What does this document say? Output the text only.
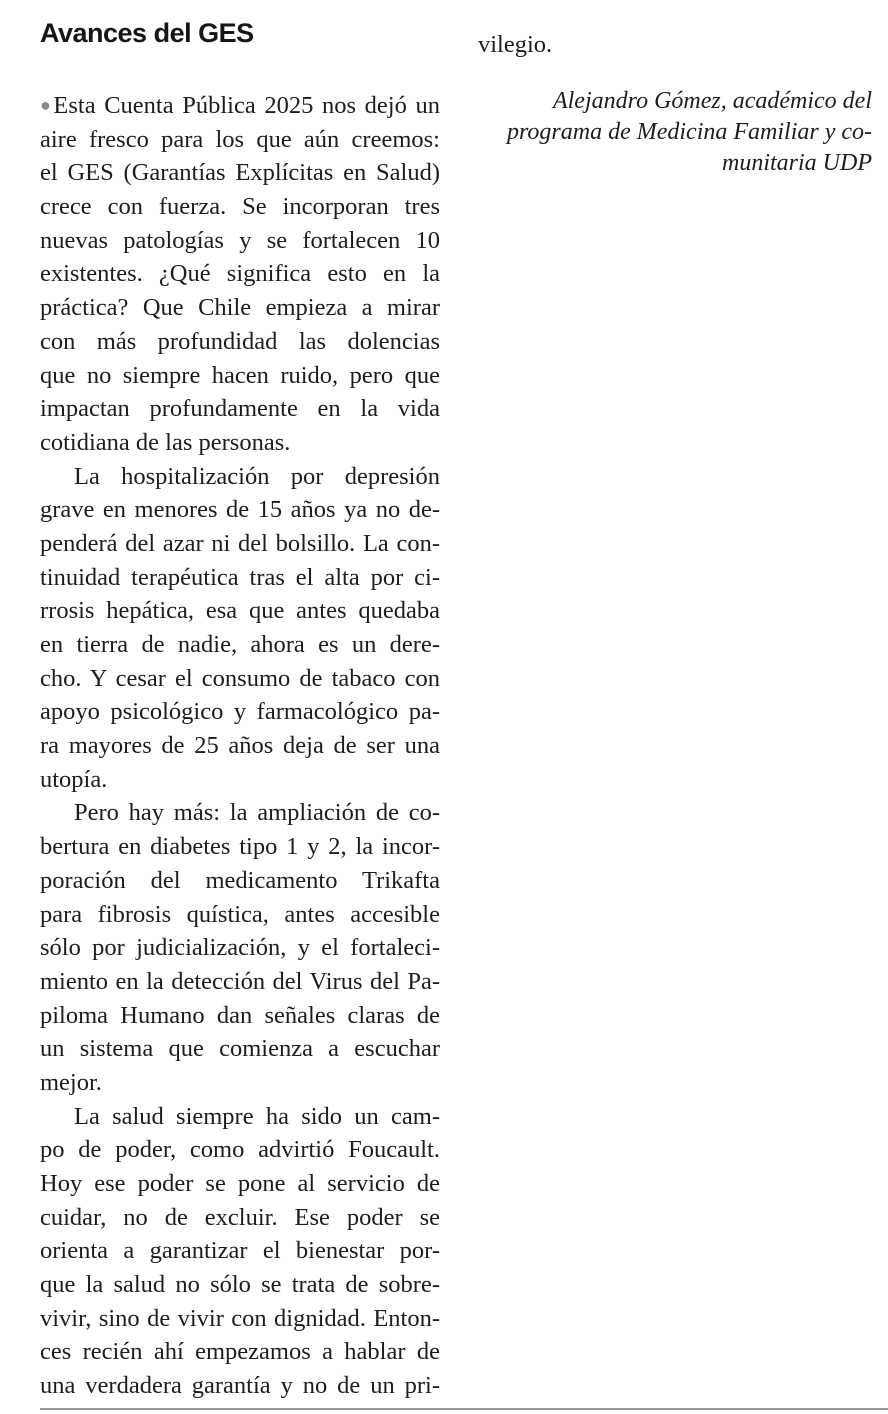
Avances del GES
●Esta Cuenta Pública 2025 nos dejó un
aire fresco para los que aún creemos:
el GES (Garantías Explícitas en Salud)
crece con fuerza. Se incorporan tres
nuevas patologías y se fortalecen 10
existentes. ¿Qué significa esto en la
práctica? Que Chile empieza a mirar
con más profundidad las dolencias
que no siempre hacen ruido, pero que
impactan profundamente en la vida
cotidiana de las personas.
La hospitalización por depresión
grave en menores de 15 años ya no de-
penderá del azar ni del bolsillo. La con-
tinuidad terapéutica tras el alta por ci-
rrosis hepática, esa que antes quedaba
en tierra de nadie, ahora es un dere-
cho. Y cesar el consumo de tabaco con
apoyo psicológico y farmacológico pa-
ra mayores de 25 años deja de ser una
utopía.
Pero hay más: la ampliación de co-
bertura en diabetes tipo 1 y 2, la incor-
poración del medicamento Trikafta
para fibrosis quística, antes accesible
sólo por judicialización, y el fortaleci-
miento en la detección del Virus del Pa-
piloma Humano dan señales claras de
un sistema que comienza a escuchar
mejor.
La salud siempre ha sido un cam-
po de poder, como advirtió Foucault.
Hoy ese poder se pone al servicio de
cuidar, no de excluir. Ese poder se
orienta a garantizar el bienestar por-
que la salud no sólo se trata de sobre-
vivir, sino de vivir con dignidad. Enton-
ces recién ahí empezamos a hablar de
una verdadera garantía y no de un pri-

vilegio.

Alejandro Gómez, académico del
programa de Medicina Familiar y co-
munitaria UDP
